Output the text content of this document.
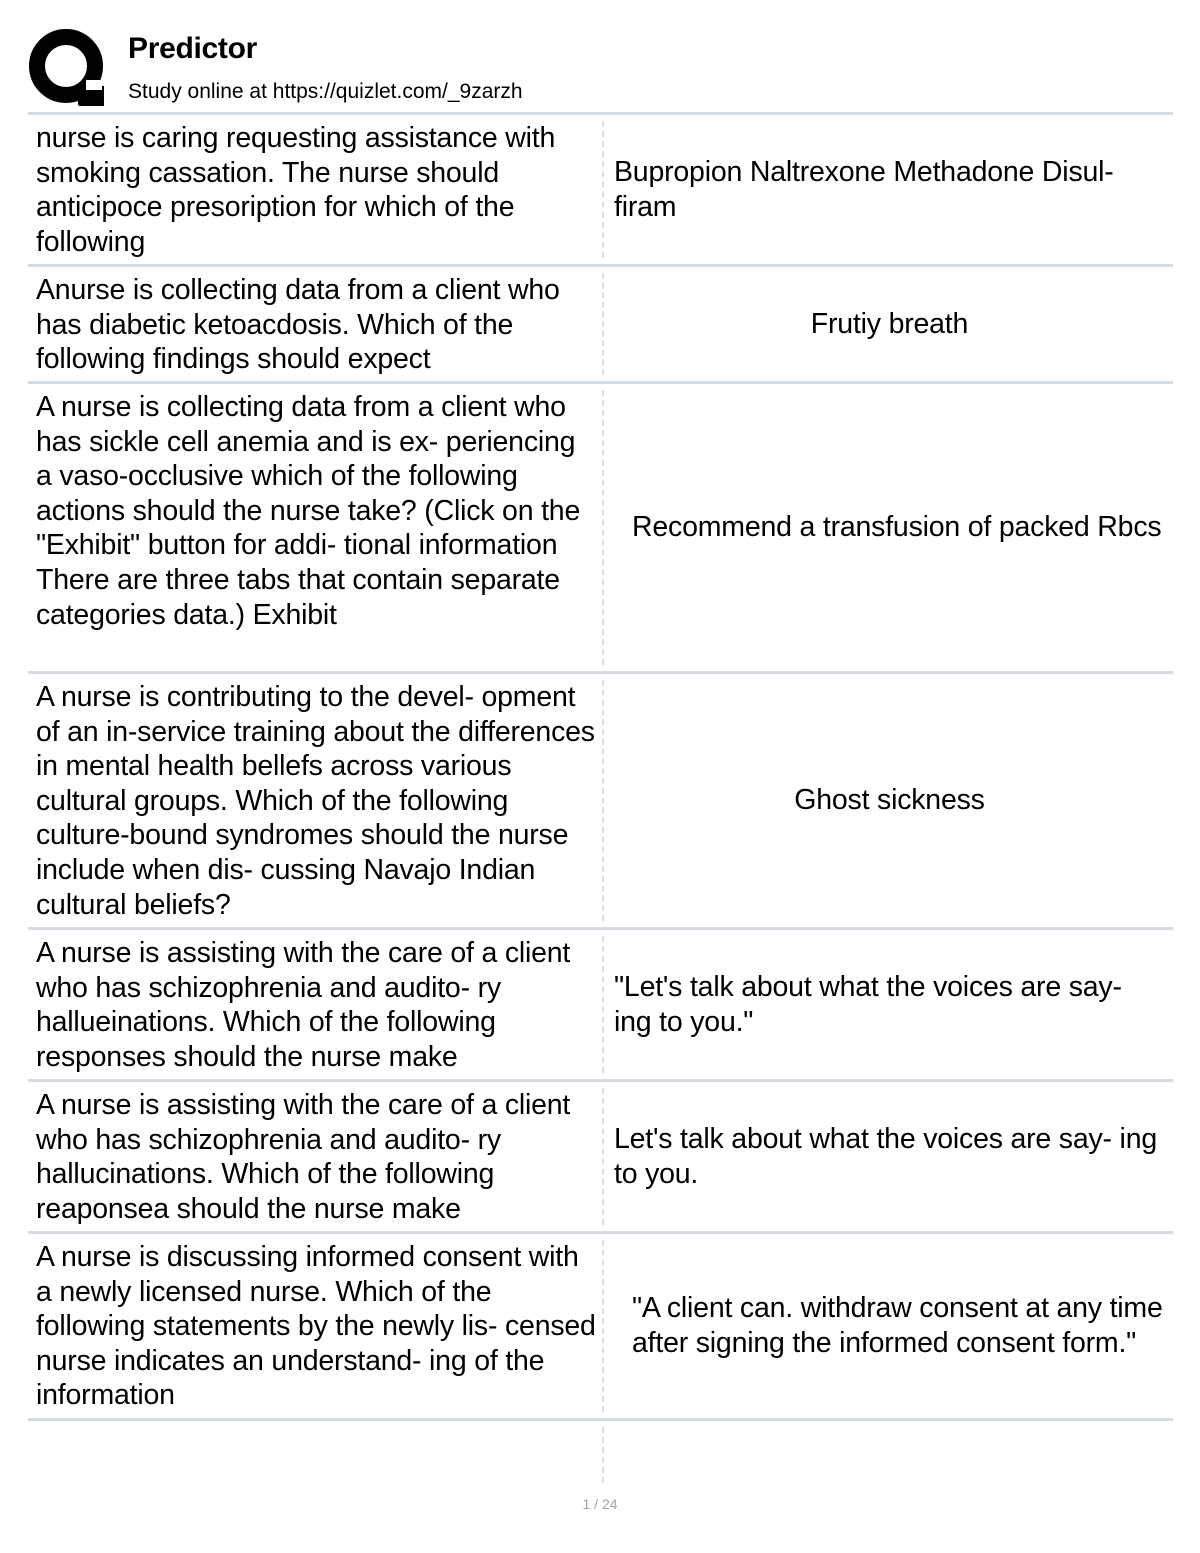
Predictor
Study online at https://quizlet.com/_9zarzh
nurse is caring requesting assistance with smoking cassation. The nurse should anticipoce presoription for which of the following
Bupropion Naltrexone Methadone Disul- firam
Anurse is collecting data from a client who has diabetic ketoacdosis. Which of the following findings should expect
Frutiy breath
A nurse is collecting data from a client who has sickle cell anemia and is ex- periencing a vaso-occlusive which of the following actions should the nurse take? (Click on the "Exhibit" button for addi- tional information There are three tabs that contain separate categories data.) Exhibit
Recommend a transfusion of packed Rbcs
A nurse is contributing to the devel- opment of an in-service training about the differences in mental health bellefs across various cultural groups. Which of the following culture-bound syndromes should the nurse include when dis- cussing Navajo Indian cultural beliefs?
Ghost sickness
A nurse is assisting with the care of a client who has schizophrenia and audito- ry hallueinations. Which of the following responses should the nurse make
"Let's talk about what the voices are say- ing to you."
A nurse is assisting with the care of a client who has schizophrenia and audito- ry hallucinations. Which of the following reaponsea should the nurse make
Let's talk about what the voices are say- ing to you.
A nurse is discussing informed consent with a newly licensed nurse. Which of the following statements by the newly lis- censed nurse indicates an understand- ing of the information
"A client can. withdraw consent at any time after signing the informed consent form."
1 / 24
